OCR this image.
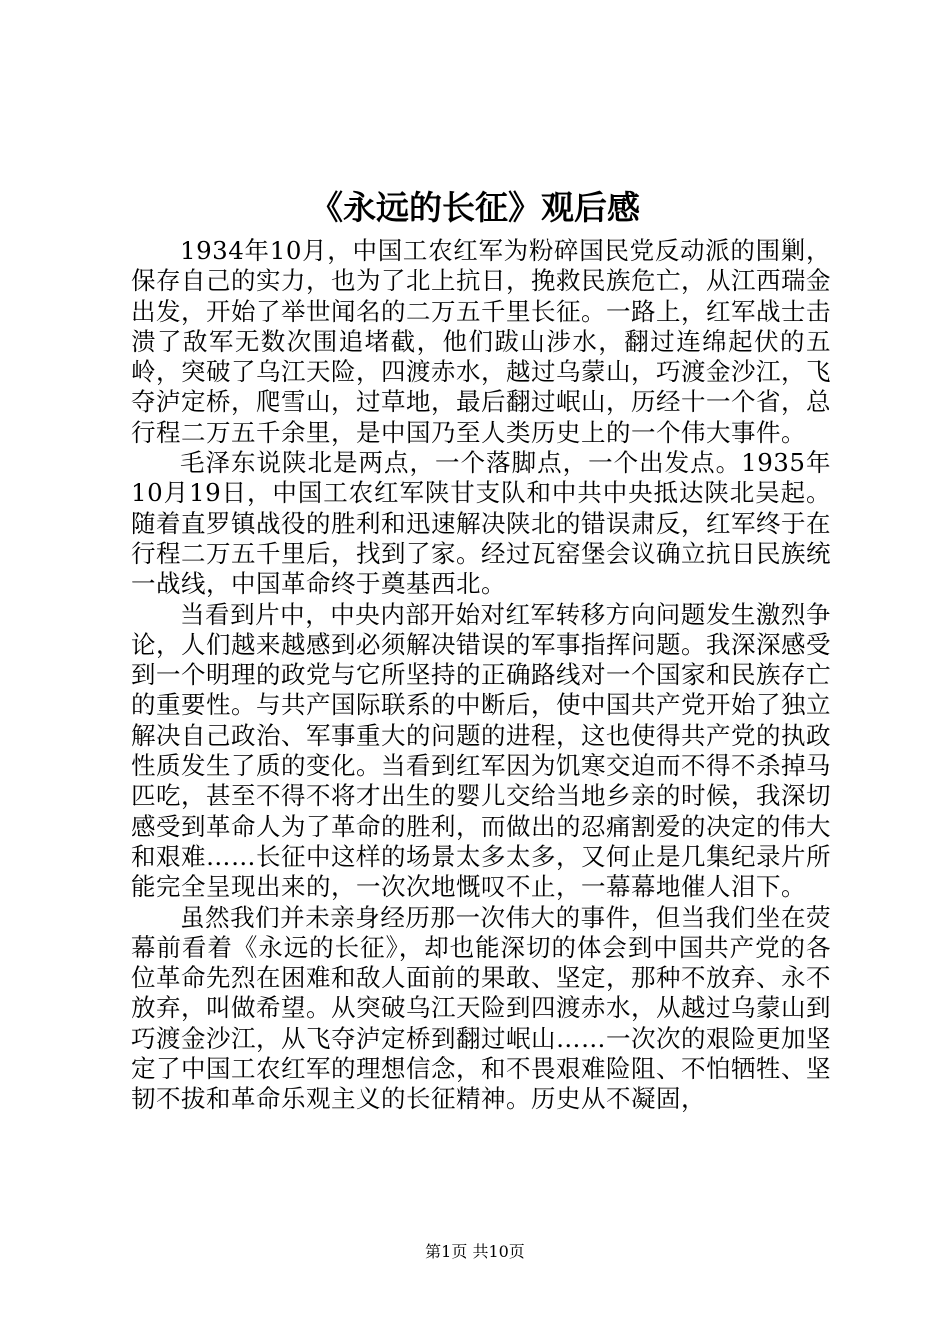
《永远的长征》观后感

1934年10月，中国工农红军为粉碎国民党反动派的围剿，保存自己的实力，也为了北上抗日，挽救民族危亡，从江西瑞金出发，开始了举世闻名的二万五千里长征。一路上，红军战士击溃了敌军无数次围追堵截，他们跋山涉水，翻过连绵起伏的五岭，突破了乌江天险，四渡赤水，越过乌蒙山，巧渡金沙江，飞夺泸定桥，爬雪山，过草地，最后翻过岷山，历经十一个省，总行程二万五千余里，是中国乃至人类历史上的一个伟大事件。

毛泽东说陕北是两点，一个落脚点，一个出发点。1935年10月19日，中国工农红军陕甘支队和中共中央抵达陕北吴起。随着直罗镇战役的胜利和迅速解决陕北的错误肃反，红军终于在行程二万五千里后，找到了家。经过瓦窑堡会议确立抗日民族统一战线，中国革命终于奠基西北。

当看到片中，中央内部开始对红军转移方向问题发生激烈争论，人们越来越感到必须解决错误的军事指挥问题。我深深感受到一个明理的政党与它所坚持的正确路线对一个国家和民族存亡的重要性。与共产国际联系的中断后，使中国共产党开始了独立解决自己政治、军事重大的问题的进程，这也使得共产党的执政性质发生了质的变化。当看到红军因为饥寒交迫而不得不杀掉马匹吃，甚至不得不将才出生的婴儿交给当地乡亲的时候，我深切感受到革命人为了革命的胜利，而做出的忍痛割爱的决定的伟大和艰难……长征中这样的场景太多太多，又何止是几集纪录片所能完全呈现出来的，一次次地慨叹不止，一幕幕地催人泪下。

虽然我们并未亲身经历那一次伟大的事件，但当我们坐在荧幕前看着《永远的长征》，却也能深切的体会到中国共产党的各位革命先烈在困难和敌人面前的果敢、坚定，那种不放弃、永不放弃，叫做希望。从突破乌江天险到四渡赤水，从越过乌蒙山到巧渡金沙江，从飞夺泸定桥到翻过岷山……一次次的艰险更加坚定了中国工农红军的理想信念，和不畏艰难险阻、不怕牺牲、坚韧不拔和革命乐观主义的长征精神。历史从不凝固，

第1页 共10页
